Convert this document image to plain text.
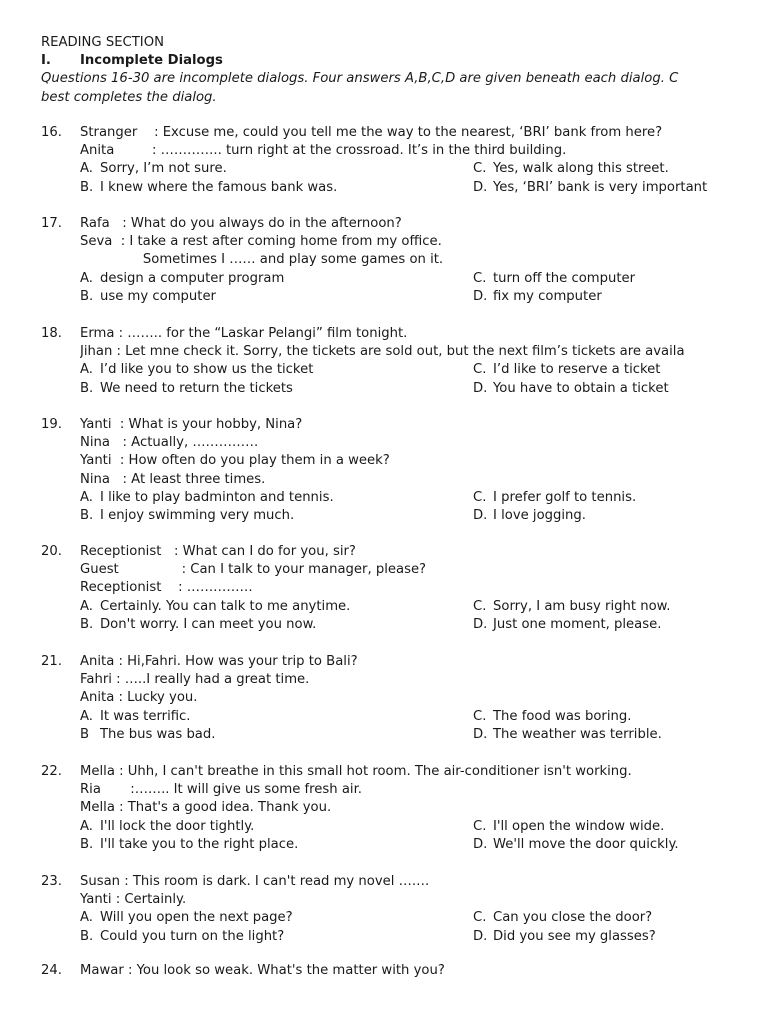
READING SECTION
I. Incomplete Dialogs
Questions 16-30 are incomplete dialogs. Four answers A,B,C,D are given beneath each dialog. C
best completes the dialog.
16. Stranger    : Excuse me, could you tell me the way to the nearest, ‘BRI’ bank from here?
Anita         : ………….. turn right at the crossroad. It’s in the third building.
A. Sorry, I’m not sure.	C. Yes, walk along this street.
B. I knew where the famous bank was.	D. Yes, ‘BRI’ bank is very important
17. Rafa   : What do you always do in the afternoon?
Seva  : I take a rest after coming home from my office.
Sometimes I …… and play some games on it.
A. design a computer program	C. turn off the computer
B. use my computer	D. fix my computer
18. Erma : …….. for the “Laskar Pelangi” film tonight.
Jihan : Let mne check it. Sorry, the tickets are sold out, but the next film’s tickets are availa
A. I’d like you to show us the ticket	C. I’d like to reserve a ticket
B. We need to return the tickets	D. You have to obtain a ticket
19. Yanti  : What is your hobby, Nina?
Nina   : Actually, ……………
Yanti  : How often do you play them in a week?
Nina   : At least three times.
A. I like to play badminton and tennis.	C. I prefer golf to tennis.
B. I enjoy swimming very much.	D. I love jogging.
20. Receptionist   : What can I do for you, sir?
Guest               : Can I talk to your manager, please?
Receptionist    : ……………
A. Certainly. You can talk to me anytime.	C. Sorry, I am busy right now.
B. Don't worry. I can meet you now.	D. Just one moment, please.
21. Anita : Hi,Fahri. How was your trip to Bali?
Fahri : …..I really had a great time.
Anita : Lucky you.
A. It was terrific.	C. The food was boring.
B The bus was bad.	D. The weather was terrible.
22. Mella : Uhh, I can't breathe in this small hot room. The air-conditioner isn't working.
Ria       :…….. It will give us some fresh air.
Mella : That's a good idea. Thank you.
A. I'll lock the door tightly.	C. I'll open the window wide.
B. I'll take you to the right place.	D. We'll move the door quickly.
23. Susan : This room is dark. I can't read my novel …….
Yanti : Certainly.
A. Will you open the next page?	C. Can you close the door?
B. Could you turn on the light?	D. Did you see my glasses?
24. Mawar : You look so weak. What's the matter with you?
